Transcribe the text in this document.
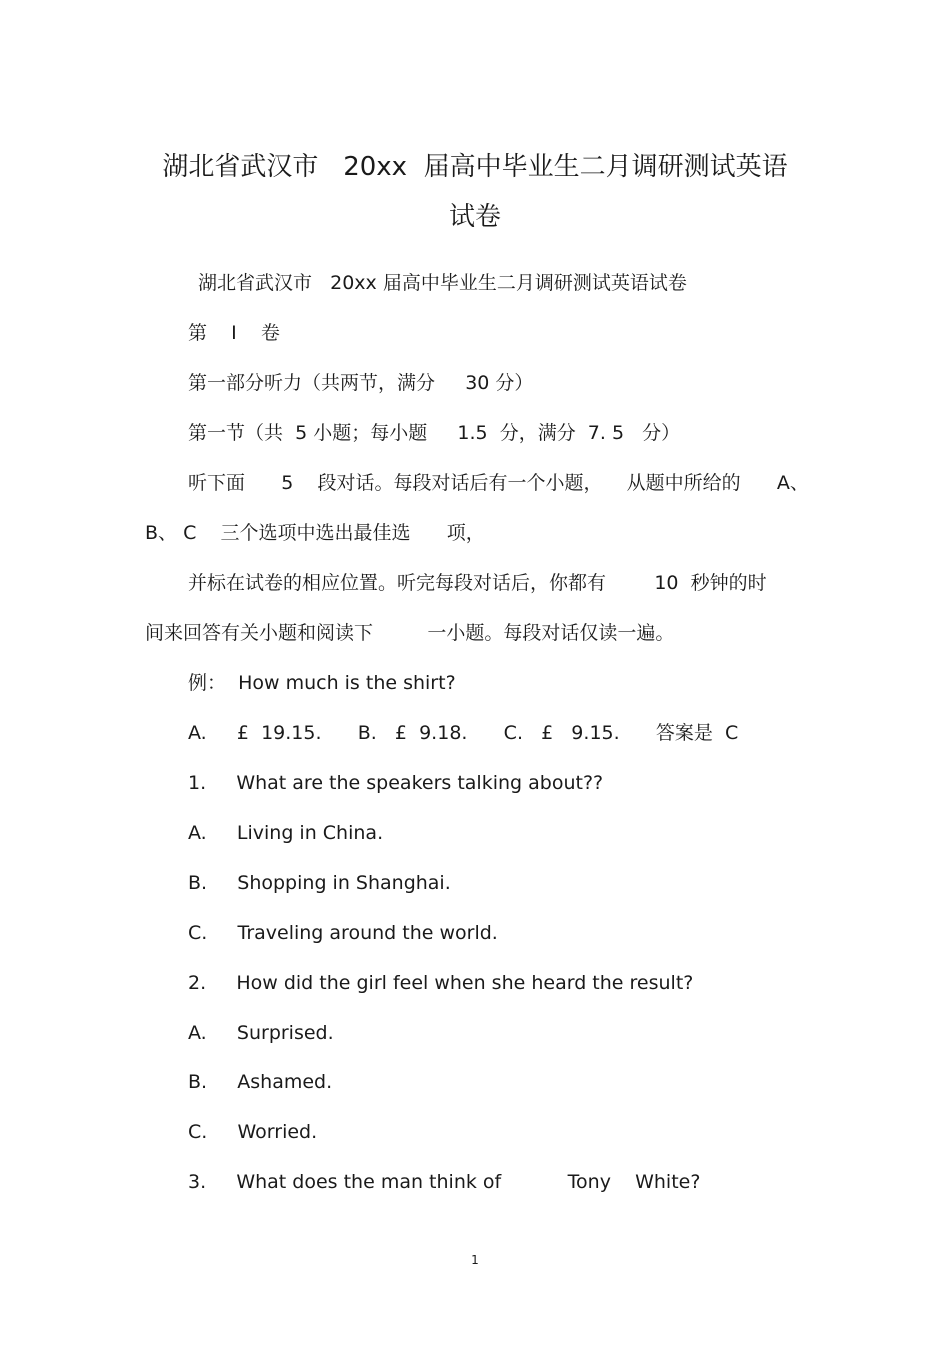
湖北省武汉市   20xx  届高中毕业生二月调研测试英语
试卷

湖北省武汉市   20xx 届高中毕业生二月调研测试英语试卷

第    I    卷

第一部分听力（共两节，满分     30 分）

第一节（共  5 小题；每小题     1.5  分，满分  7. 5   分）

听下面      5    段对话。每段对话后有一个小题，    从题中所给的      A、

B、 C    三个选项中选出最佳选      项，

并标在试卷的相应位置。听完每段对话后，你都有        10  秒钟的时

间来回答有关小题和阅读下         一小题。每段对话仅读一遍。

例：  How much is the shirt?

A.     £  19.15.      B.   £  9.18.      C.   £   9.15.      答案是  C

1.     What are the speakers talking about??

A.     Living in China.

B.     Shopping in Shanghai.

C.     Traveling around the world.

2.     How did the girl feel when she heard the result?

A.     Surprised.

B.     Ashamed.

C.     Worried.

3.     What does the man think of           Tony    White?

1
